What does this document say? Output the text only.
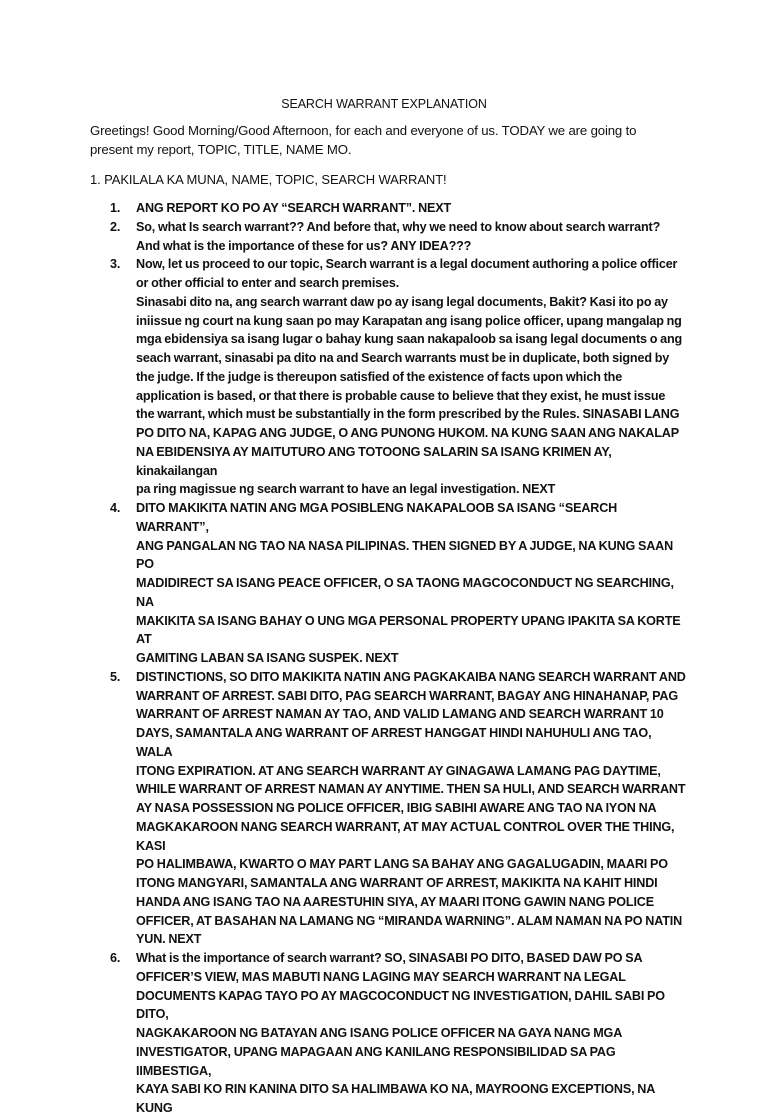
SEARCH WARRANT EXPLANATION
Greetings! Good Morning/Good Afternoon, for each and everyone of us. TODAY we are going to
present my report, TOPIC, TITLE, NAME MO.
1. PAKILALA KA MUNA, NAME, TOPIC, SEARCH WARRANT!
1.	ANG REPORT KO PO AY “SEARCH WARRANT”. NEXT
2.	So, what Is search warrant?? And before that, why we need to know about search warrant?
And what is the importance of these for us? ANY IDEA???
3.	Now, let us proceed to our topic, Search warrant is a legal document authoring a police officer
or other official to enter and search premises.
Sinasabi dito na, ang search warrant daw po ay isang legal documents, Bakit? Kasi ito po ay
iniissue ng court na kung saan po may Karapatan ang isang police officer, upang mangalap ng
mga ebidensiya sa isang lugar o bahay kung saan nakapaloob sa isang legal documents o ang
seach warrant, sinasabi pa dito na and Search warrants must be in duplicate, both signed by
the judge. If the judge is thereupon satisfied of the existence of facts upon which the
application is based, or that there is probable cause to believe that they exist, he must issue
the warrant, which must be substantially in the form prescribed by the Rules. SINASABI LANG
PO DITO NA, KAPAG ANG JUDGE, O ANG PUNONG HUKOM. NA KUNG SAAN ANG NAKALAP
NA EBIDENSIYA AY MAITUTURO ANG TOTOONG SALARIN SA ISANG KRIMEN AY, kinakailangan
pa ring magissue ng search warrant to have an legal investigation. NEXT
4.	DITO MAKIKITA NATIN ANG MGA POSIBLENG NAKAPALOOB SA ISANG “SEARCH WARRANT”,
ANG PANGALAN NG TAO NA NASA PILIPINAS. THEN SIGNED BY A JUDGE, NA KUNG SAAN PO
MADIDIRECT SA ISANG PEACE OFFICER, O SA TAONG MAGCOCONDUCT NG SEARCHING, NA
MAKIKITA SA ISANG BAHAY O UNG MGA PERSONAL PROPERTY UPANG IPAKITA SA KORTE AT
GAMITING LABAN SA ISANG SUSPEK. NEXT
5.	DISTINCTIONS, SO DITO MAKIKITA NATIN ANG PAGKAKAIBA NANG SEARCH WARRANT AND
WARRANT OF ARREST. SABI DITO, PAG SEARCH WARRANT, BAGAY ANG HINAHANAP, PAG
WARRANT OF ARREST NAMAN AY TAO, AND VALID LAMANG AND SEARCH WARRANT 10
DAYS, SAMANTALA ANG WARRANT OF ARREST HANGGAT HINDI NAHUHULI ANG TAO, WALA
ITONG EXPIRATION. AT ANG SEARCH WARRANT AY GINAGAWA LAMANG PAG DAYTIME,
WHILE WARRANT OF ARREST NAMAN AY ANYTIME. THEN SA HULI, AND SEARCH WARRANT
AY NASA POSSESSION NG POLICE OFFICER, IBIG SABIHI AWARE ANG TAO NA IYON NA
MAGKAKAROON NANG SEARCH WARRANT, AT MAY ACTUAL CONTROL OVER THE THING, KASI
PO HALIMBAWA, KWARTO O MAY PART LANG SA BAHAY ANG GAGALUGADIN, MAARI PO
ITONG MANGYARI, SAMANTALA ANG WARRANT OF ARREST, MAKIKITA NA KAHIT HINDI
HANDA ANG ISANG TAO NA AARESTUHIN SIYA, AY MAARI ITONG GAWIN NANG POLICE
OFFICER, AT BASAHAN NA LAMANG NG “MIRANDA WARNING”. ALAM NAMAN NA PO NATIN
YUN. NEXT
6.	What is the importance of search warrant? SO, SINASABI PO DITO, BASED DAW PO SA
OFFICER’S VIEW, MAS MABUTI NANG LAGING MAY SEARCH WARRANT NA LEGAL
DOCUMENTS KAPAG TAYO PO AY MAGCOCONDUCT NG INVESTIGATION, DAHIL SABI PO DITO,
NAGKAKAROON NG BATAYAN ANG ISANG POLICE OFFICER NA GAYA NANG MGA
INVESTIGATOR, UPANG MAPAGAAN ANG KANILANG RESPONSIBILIDAD SA PAG IIMBESTIGA,
KAYA SABI KO RIN KANINA DITO SA HALIMBAWA KO NA, MAYROONG EXCEPTIONS, NA KUNG
